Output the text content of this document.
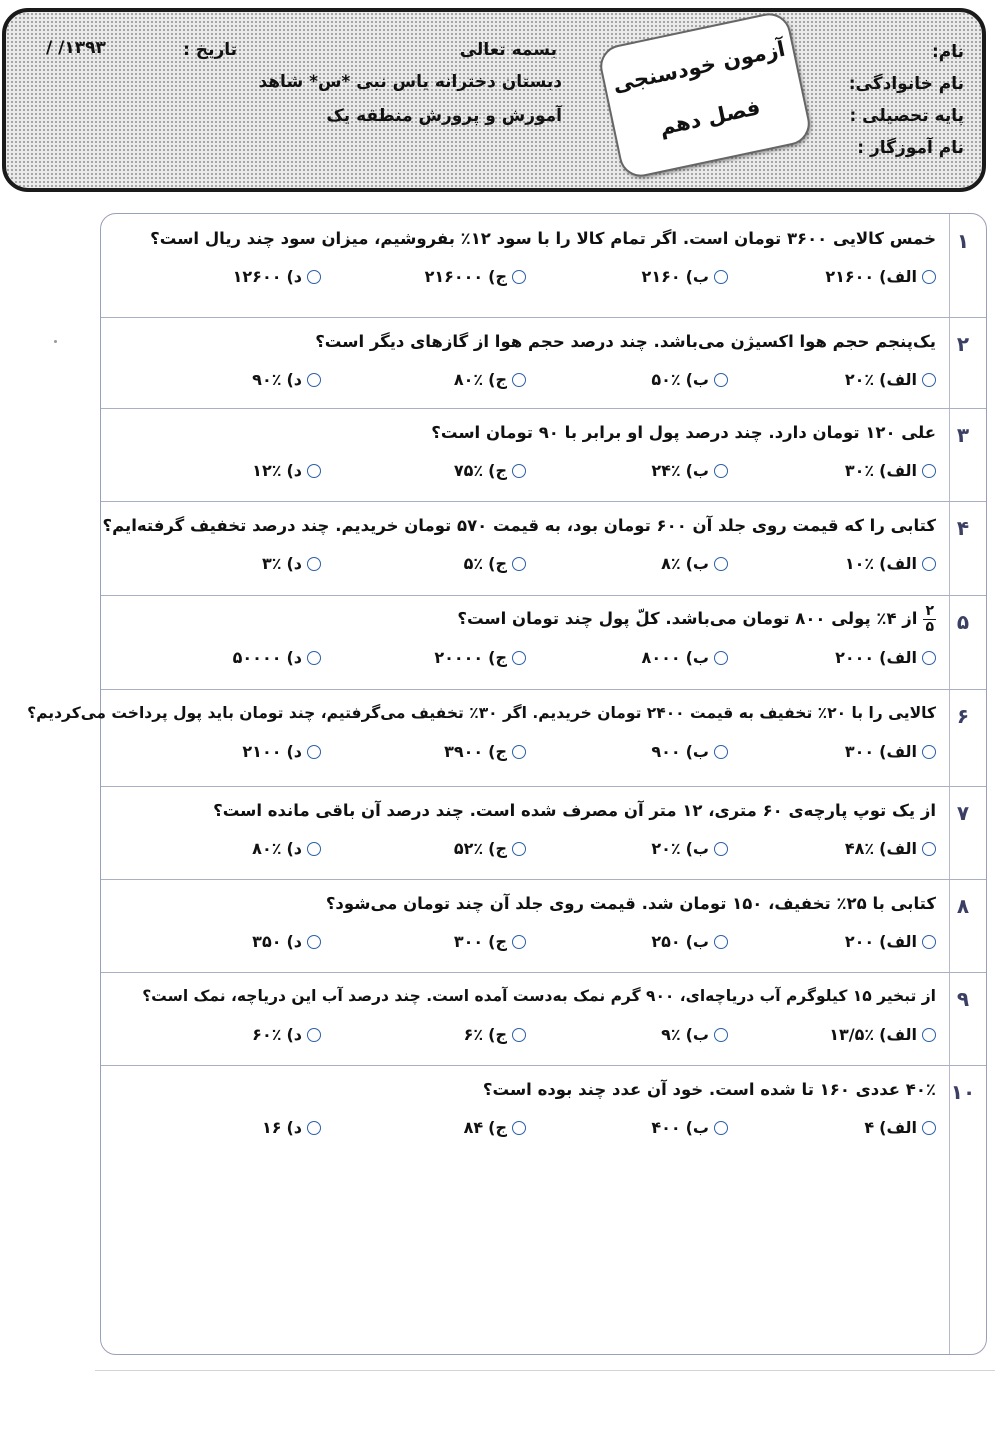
نام:
نام خانوادگی:
پایه تحصیلی :
نام آموزگار :
بسمه تعالی
دبستان دخترانه یاس نبی *س* شاهد
آموزش و پرورش منطقه یک
تاریخ :
/ /۱۳۹۳	آزمون خودسنجی
فصل دهم
۱
خمس کالایی ۳۶۰۰ تومان است. اگر تمام کالا را با سود ۱۲٪ بفروشیم، میزان سود چند ریال است؟
الف)
۲۱۶۰۰
ب)
۲۱۶۰
ج)
۲۱۶۰۰۰
د)
۱۲۶۰۰
۲
یک‌پنجم حجم هوا اکسیژن می‌باشد. چند درصد حجم هوا از گازهای دیگر است؟
الف)
۲۰٪
ب)
۵۰٪
ج)
۸۰٪
د)
۹۰٪
۳
علی ۱۲۰ تومان دارد. چند درصد پول او برابر با ۹۰ تومان است؟
الف)
۳۰٪
ب)
۲۴٪
ج)
۷۵٪
د)
۱۲٪
۴
کتابی را که قیمت روی جلد آن ۶۰۰ تومان بود، به قیمت ۵۷۰ تومان خریدیم. چند درصد تخفیف گرفته‌ایم؟
الف)
۱۰٪
ب)
۸٪
ج)
۵٪
د)
۳٪
۵
$\frac{۲}{۵}$
از ۴٪ پولی ۸۰۰ تومان می‌باشد. کلّ پول چند تومان است؟
الف)
۲۰۰۰
ب)
۸۰۰۰
ج)
۲۰۰۰۰
د)
۵۰۰۰۰
۶
کالایی را با ۲۰٪ تخفیف به قیمت ۲۴۰۰ تومان خریدیم. اگر ۳۰٪ تخفیف می‌گرفتیم، چند تومان باید پول پرداخت می‌کردیم؟
الف)
۳۰۰
ب)
۹۰۰
ج)
۳۹۰۰
د)
۲۱۰۰
۷
از یک توپ پارچه‌ی ۶۰ متری، ۱۲ متر آن مصرف شده است. چند درصد آن باقی مانده است؟
الف)
۴۸٪
ب)
۲۰٪
ج)
۵۲٪
د)
۸۰٪
۸
کتابی با ۲۵٪ تخفیف، ۱۵۰ تومان شد. قیمت روی جلد آن چند تومان می‌شود؟
الف)
۲۰۰
ب)
۲۵۰
ج)
۳۰۰
د)
۳۵۰
۹
از تبخیر ۱۵ کیلوگرم آب دریاچه‌ای، ۹۰۰ گرم نمک به‌دست آمده است. چند درصد آب این دریاچه، نمک است؟
الف)
۱۳/۵٪
ب)
۹٪
ج)
۶٪
د)
۶۰٪
۱۰
۴۰٪ عددی ۱۶۰ تا شده است. خود آن عدد چند بوده است؟
الف)
۴
ب)
۴۰۰
ج)
۸۴
د)
۱۶
